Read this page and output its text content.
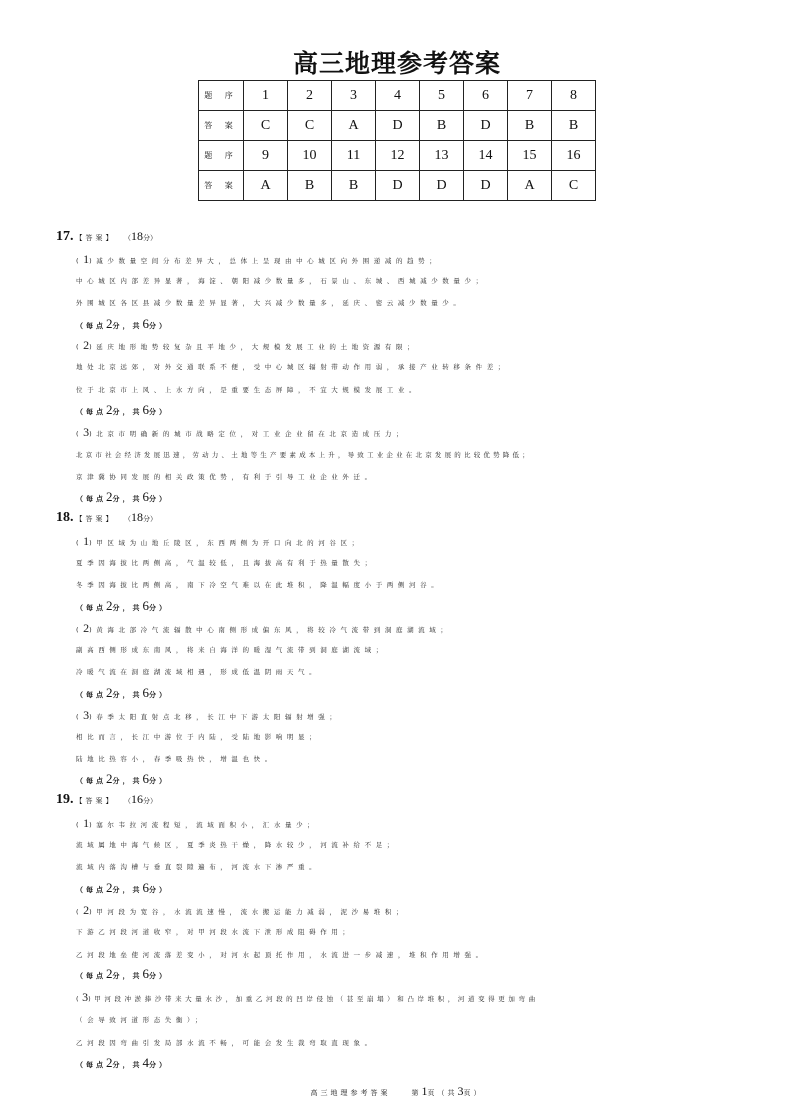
高三地理参考答案
题 序	1	2	3	4	5	6	7	8
答 案	C	C	A	D	B	D	B	B
题 序	9	10	11	12	13	14	15	16
答 案	A	B	B	D	D	D	A	C
17. 【答案】 （18分）
(1)减少数量空间分布差异大，总体上呈现由中心城区向外围递减的趋势；
中心城区内部差异显著，海淀、朝阳减少数量多，石景山、东城、西城减少数量少；
外围城区各区县减少数量差异显著，大兴减少数量多，延庆、密云减少数量少。
（每点2分，共6分）
(2)延庆地形地势较复杂且平地少，大规模发展工业的土地资源有限；
地处北京远郊，对外交通联系不便，受中心城区辐射带动作用弱，承接产业转移条件差；
位于北京市上风、上水方向，是重要生态屏障，不宜大规模发展工业。
（每点2分，共6分）
(3)北京市明确新的城市战略定位，对工业企业留在北京造成压力；
北京市社会经济发展迅速，劳动力、土地等生产要素成本上升，导致工业企业在北京发展的比较优势降低；
京津冀协同发展的相关政策优势，有利于引导工业企业外迁。
（每点2分，共6分）
18. 【答案】 （18分）
(1)甲区域为山地丘陵区，东西两侧为开口向北的河谷区；
夏季因海拔比两侧高，气温较低，且海拔高有利于热量散失；
冬季因海拔比两侧高，南下冷空气难以在此堆积，降温幅度小于两侧河谷。
（每点2分，共6分）
(2)黄海北部冷气流辐散中心南侧形成偏东风，将较冷气流带到洞庭湖流域；
副高西侧形成东南风，将来自海洋的暖湿气流带到洞庭湖流域；
冷暖气流在洞庭湖流域相遇，形成低温阴雨天气。
（每点2分，共6分）
(3)春季太阳直射点北移，长江中下游太阳辐射增强；
相比而言，长江中游位于内陆，受陆地影响明显；
陆地比热容小，春季吸热快，增温也快。
（每点2分，共6分）
19. 【答案】 （16分）
(1)塞尔韦拉河流程短，流域面积小，汇水量少；
流域属地中海气候区，夏季炎热干燥，降水较少，河流补给不足；
流域内落沟槽与垂直裂隙遍布，河流水下渗严重。
（每点2分，共6分）
(2)甲河段为宽谷，水流流速慢，流水搬运能力减弱，泥沙易堆积；
下游乙河段河道收窄，对甲河段水流下泄形成阻碍作用；
乙河段地垒使河流落差变小，对河水起顶托作用，水流进一步减速，堆积作用增强。
（每点2分，共6分）
(3)甲河段冲淤捧沙带来大量水沙，加重乙河段的凹岸侵蚀（甚至崩塌）和凸岸堆积，河道变得更加弯曲
（会导致河道形态失衡）；
乙河段因弯曲引发局部水流不畅，可能会发生裁弯取直现象。
（每点2分，共4分）
高三地理参考答案	第1页（共3页）
